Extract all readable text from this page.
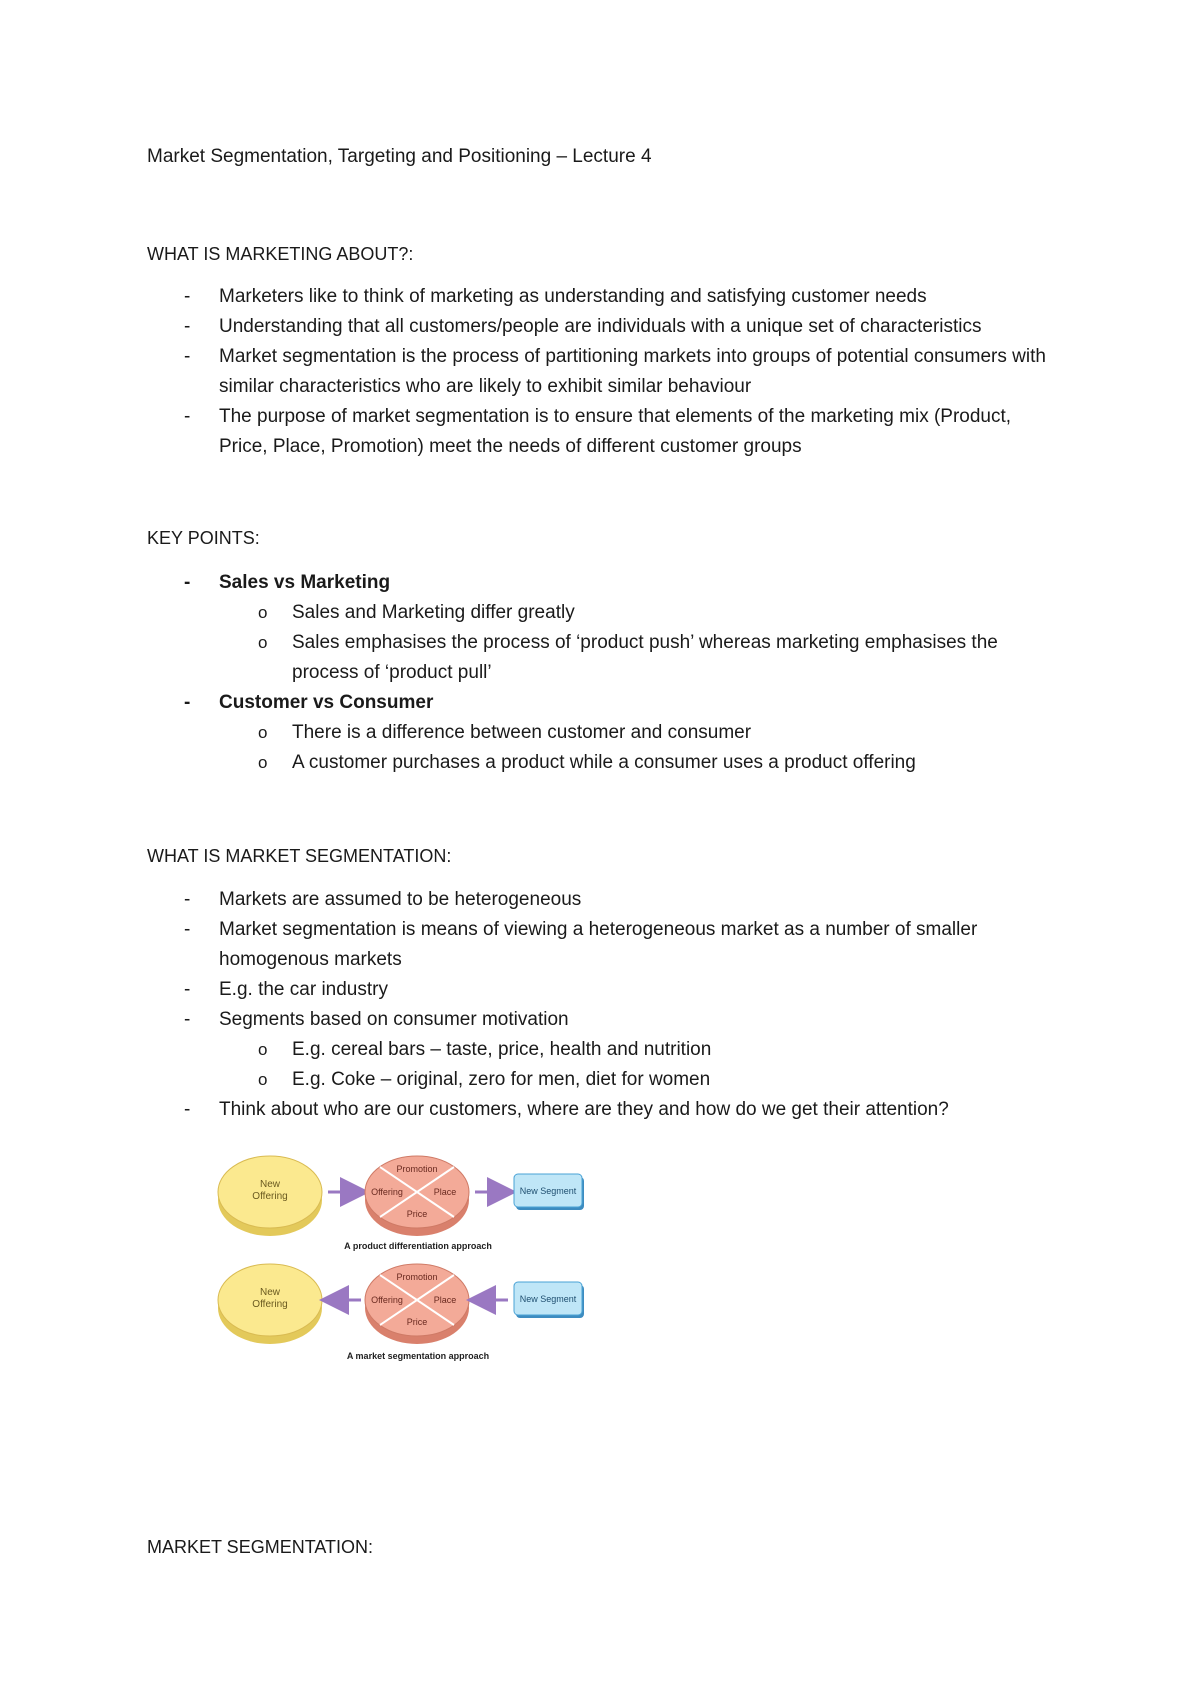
Market Segmentation, Targeting and Positioning – Lecture 4
WHAT IS MARKETING ABOUT?:
- Marketers like to think of marketing as understanding and satisfying customer needs
- Understanding that all customers/people are individuals with a unique set of characteristics
- Market segmentation is the process of partitioning markets into groups of potential consumers with similar characteristics who are likely to exhibit similar behaviour
- The purpose of market segmentation is to ensure that elements of the marketing mix (Product, Price, Place, Promotion) meet the needs of different customer groups
KEY POINTS:
- Sales vs Marketing
o Sales and Marketing differ greatly
o Sales emphasises the process of ‘product push’ whereas marketing emphasises the process of ‘product pull’
- Customer vs Consumer
o There is a difference between customer and consumer
o A customer purchases a product while a consumer uses a product offering
WHAT IS MARKET SEGMENTATION:
- Markets are assumed to be heterogeneous
- Market segmentation is means of viewing a heterogeneous market as a number of smaller homogenous markets
- E.g. the car industry
- Segments based on consumer motivation
o E.g. cereal bars – taste, price, health and nutrition
o E.g. Coke – original, zero for men, diet for women
- Think about who are our customers, where are they and how do we get their attention?
New
Offering
Promotion
Offering	Place
Price
New Segment
A product differentiation approach
New
Offering
Promotion
Offering	Place
Price
New Segment
A market segmentation approach
MARKET SEGMENTATION:
